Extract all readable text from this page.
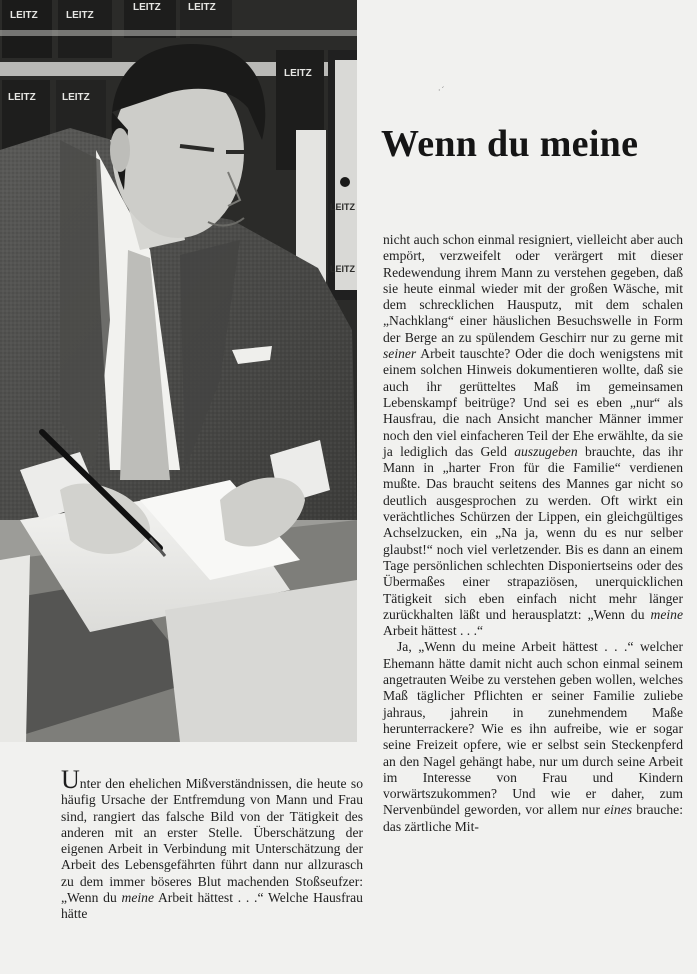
LEITZ	LEITZ
LEITZ	LEITZ
LEITZ	LEITZ
LEITZ
LEITZ
LEITZ
·ˊ
Wenn du meine

nicht auch schon einmal resigniert, vielleicht aber auch empört, verzweifelt oder verärgert mit dieser Redewendung ihrem Mann zu verstehen gegeben, daß sie heute einmal wieder mit der großen Wäsche, mit dem schrecklichen Hausputz, mit dem schalen „Nachklang“ einer häuslichen Besuchswelle in Form der Berge an zu spülendem Geschirr nur zu gerne mit seiner Arbeit tauschte? Oder die doch wenigstens mit einem solchen Hinweis dokumentieren wollte, daß sie auch ihr gerütteltes Maß im gemeinsamen Lebenskampf beitrüge? Und sei es eben „nur“ als Hausfrau, die nach Ansicht mancher Männer immer noch den viel einfacheren Teil der Ehe erwählte, da sie ja lediglich das Geld auszugeben brauchte, das ihr Mann in „harter Fron für die Familie“ verdienen mußte. Das braucht seitens des Mannes gar nicht so deutlich ausgesprochen zu werden. Oft wirkt ein verächtliches Schürzen der Lippen, ein gleichgültiges Achselzucken, ein „Na ja, wenn du es nur selber glaubst!“ noch viel verletzender. Bis es dann an einem Tage persönlichen schlechten Disponiertseins oder des Übermaßes einer strapaziösen, unerquicklichen Tätigkeit sich eben einfach nicht mehr länger zurückhalten läßt und herausplatzt: „Wenn du meine Arbeit hättest . . .“

Ja, „Wenn du meine Arbeit hättest . . .“ welcher Ehemann hätte damit nicht auch schon einmal seinem angetrauten Weibe zu verstehen geben wollen, welches Maß täglicher Pflichten er seiner Familie zuliebe jahraus, jahrein in zunehmendem Maße herunterrackere? Wie es ihn aufreibe, wie er sogar seine Freizeit opfere, wie er selbst sein Steckenpferd an den Nagel gehängt habe, nur um durch seine Arbeit im Interesse von Frau und Kindern vorwärtszukommen? Und wie er daher, zum Nervenbündel geworden, vor allem nur eines brauche: das zärtliche Mit-

Unter den ehelichen Mißverständnissen, die heute so häufig Ursache der Entfremdung von Mann und Frau sind, rangiert das falsche Bild von der Tätigkeit des anderen mit an erster Stelle. Überschätzung der eigenen Arbeit in Verbindung mit Unterschätzung der Arbeit des Lebensgefährten führt dann nur allzurasch zu dem immer böseres Blut machenden Stoßseufzer: „Wenn du meine Arbeit hättest . . .“ Welche Hausfrau hätte
